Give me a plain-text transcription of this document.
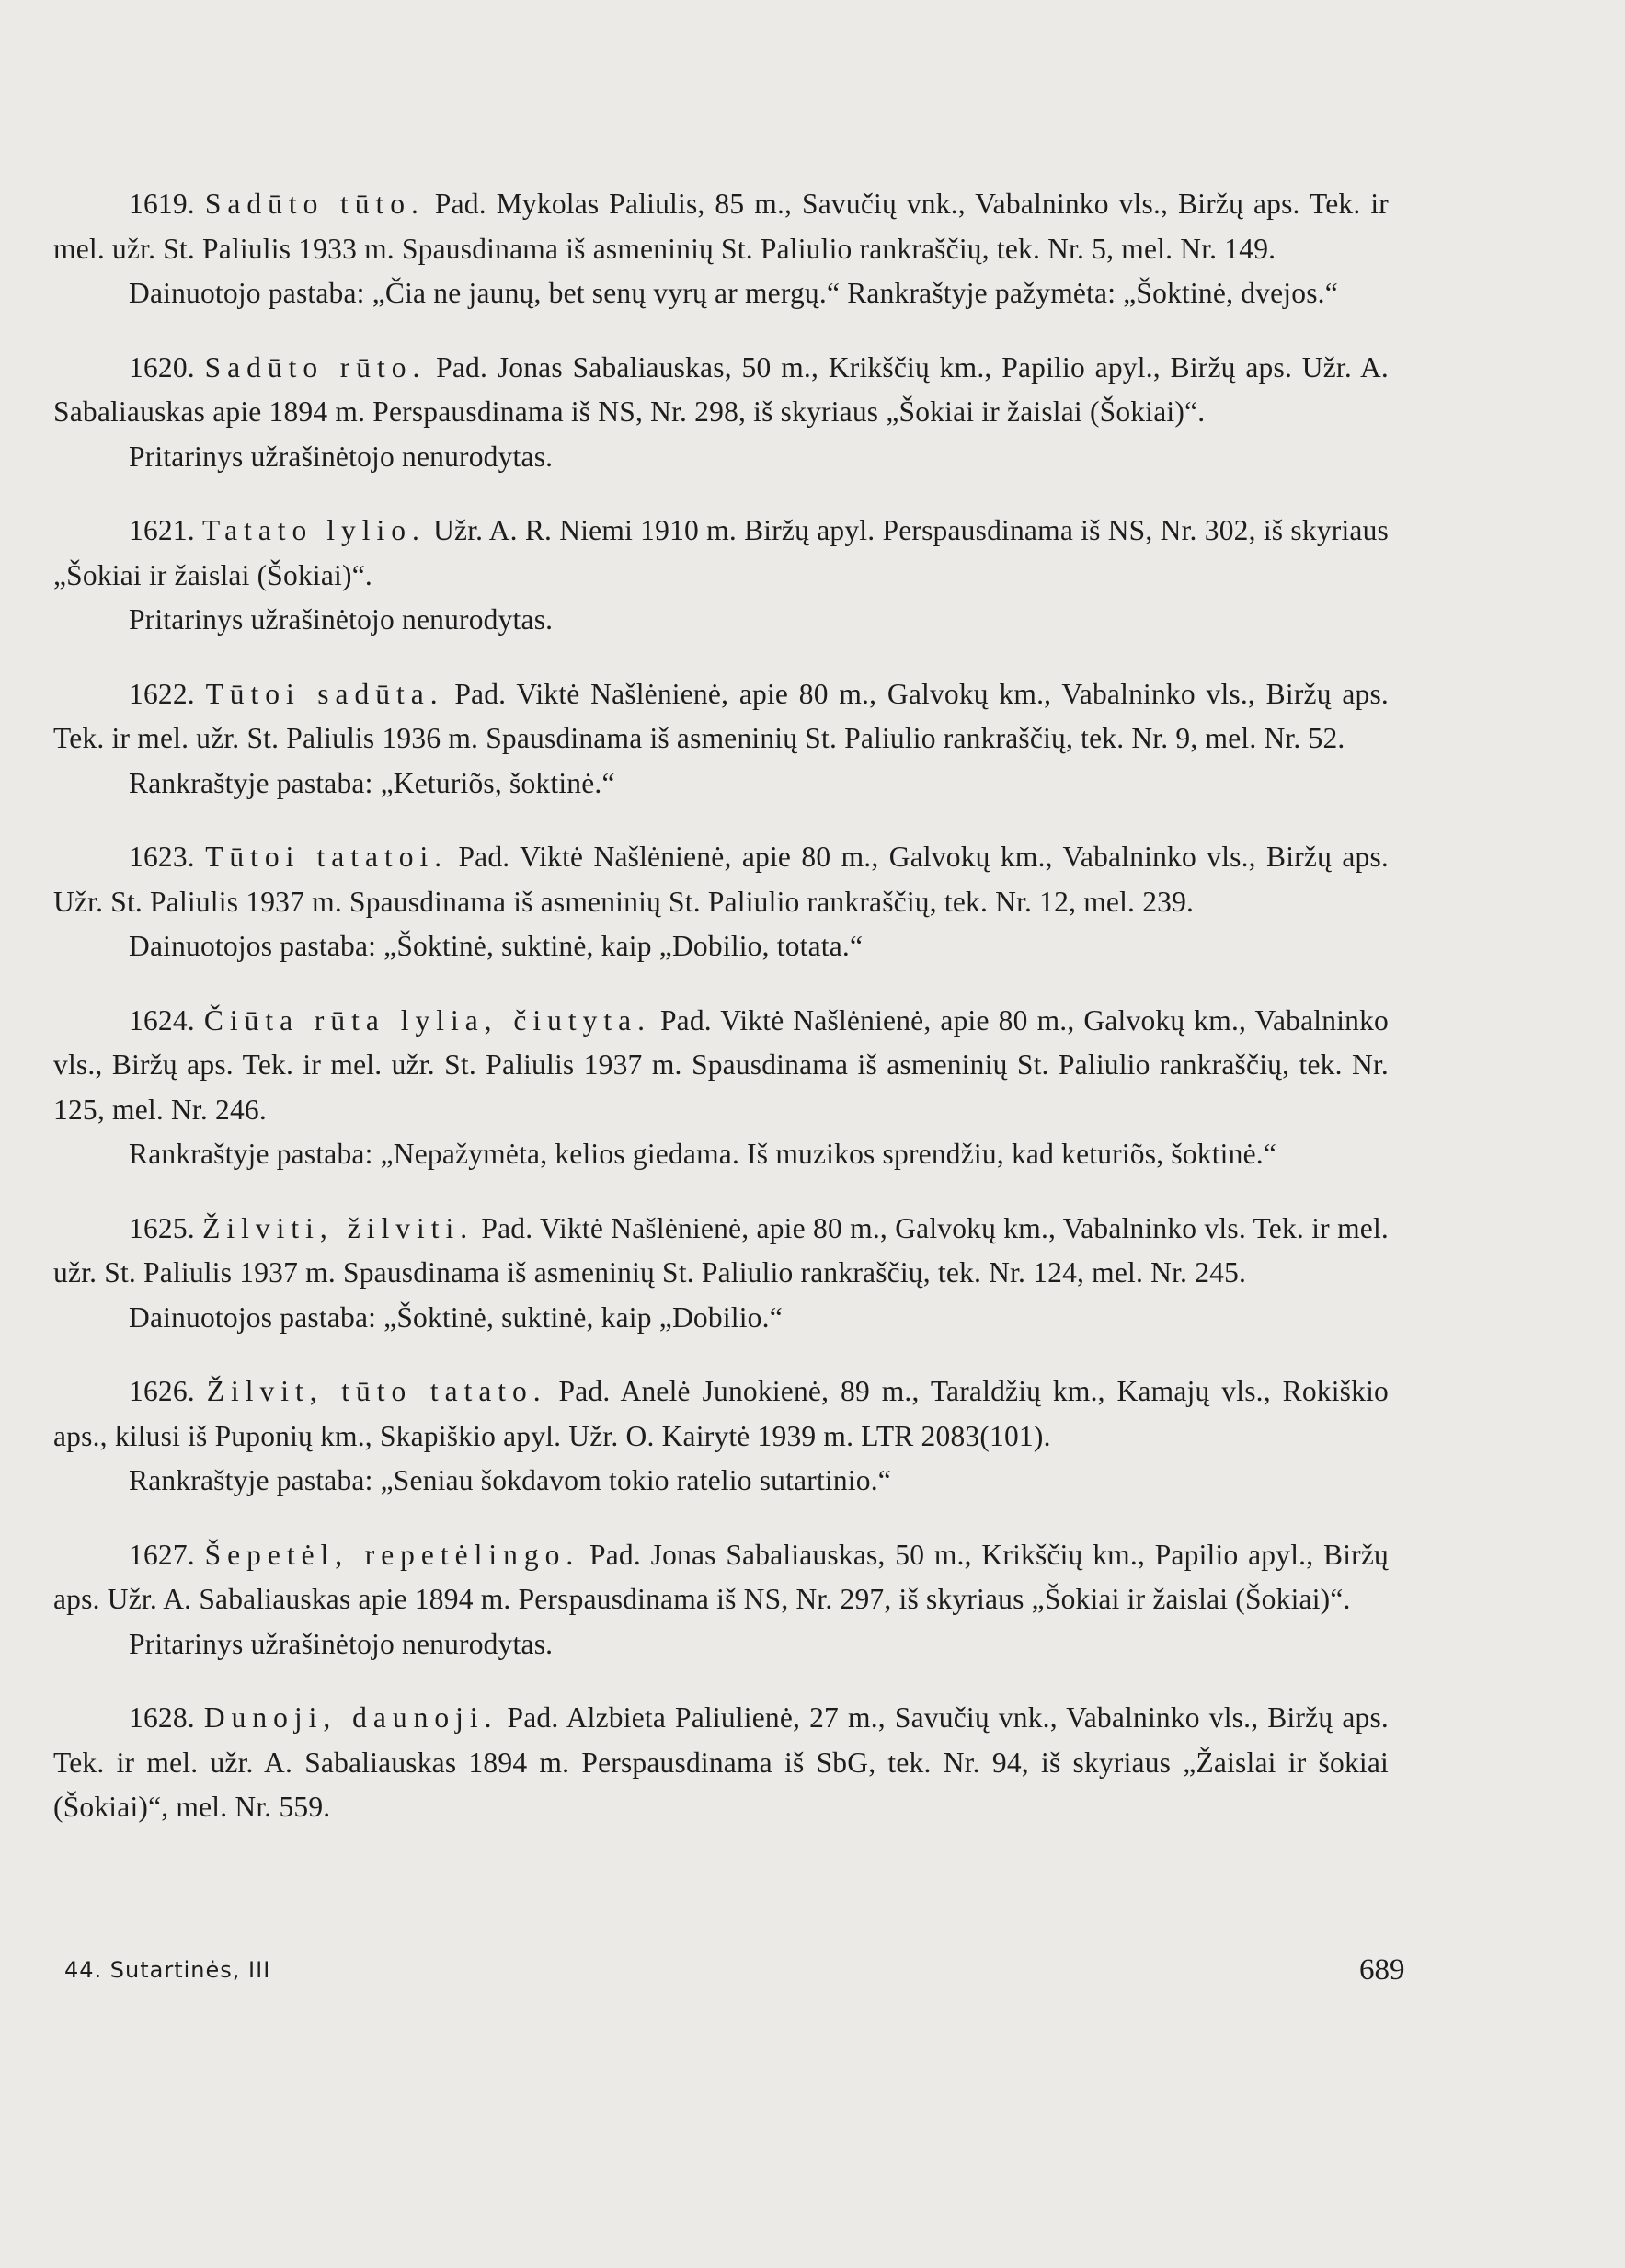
1619. Sadūto tūto. Pad. Mykolas Paliulis, 85 m., Savučių vnk., Vabalninko vls., Biržų aps. Tek. ir mel. užr. St. Paliulis 1933 m. Spausdinama iš asmeninių St. Paliulio rankraščių, tek. Nr. 5, mel. Nr. 149.

Dainuotojo pastaba: „Čia ne jaunų, bet senų vyrų ar mergų.“ Rankraštyje pažymėta: „Šoktinė, dvejos.“

1620. Sadūto rūto. Pad. Jonas Sabaliauskas, 50 m., Krikščių km., Papilio apyl., Biržų aps. Užr. A. Sabaliauskas apie 1894 m. Perspausdinama iš NS, Nr. 298, iš skyriaus „Šokiai ir žaislai (Šokiai)“.

Pritarinys užrašinėtojo nenurodytas.

1621. Tatato lylio. Užr. A. R. Niemi 1910 m. Biržų apyl. Perspausdinama iš NS, Nr. 302, iš skyriaus „Šokiai ir žaislai (Šokiai)“.

Pritarinys užrašinėtojo nenurodytas.

1622. Tūtoi sadūta. Pad. Viktė Našlėnienė, apie 80 m., Galvokų km., Vabalninko vls., Biržų aps. Tek. ir mel. užr. St. Paliulis 1936 m. Spausdinama iš asmeninių St. Paliulio rankraščių, tek. Nr. 9, mel. Nr. 52.

Rankraštyje pastaba: „Keturiõs, šoktinė.“

1623. Tūtoi tatatoi. Pad. Viktė Našlėnienė, apie 80 m., Galvokų km., Vabalninko vls., Biržų aps. Užr. St. Paliulis 1937 m. Spausdinama iš asmeninių St. Paliulio rankraščių, tek. Nr. 12, mel. 239.

Dainuotojos pastaba: „Šoktinė, suktinė, kaip „Dobilio, totata.“

1624. Čiūta rūta lylia, čiutyta. Pad. Viktė Našlėnienė, apie 80 m., Galvokų km., Vabalninko vls., Biržų aps. Tek. ir mel. užr. St. Paliulis 1937 m. Spausdinama iš asmeninių St. Paliulio rankraščių, tek. Nr. 125, mel. Nr. 246.

Rankraštyje pastaba: „Nepažymėta, kelios giedama. Iš muzikos sprendžiu, kad keturiõs, šoktinė.“

1625. Žilviti, žilviti. Pad. Viktė Našlėnienė, apie 80 m., Galvokų km., Vabalninko vls. Tek. ir mel. užr. St. Paliulis 1937 m. Spausdinama iš asmeninių St. Paliulio rankraščių, tek. Nr. 124, mel. Nr. 245.

Dainuotojos pastaba: „Šoktinė, suktinė, kaip „Dobilio.“

1626. Žilvit, tūto tatato. Pad. Anelė Junokienė, 89 m., Taraldžių km., Kamajų vls., Rokiškio aps., kilusi iš Puponių km., Skapiškio apyl. Užr. O. Kairytė 1939 m. LTR 2083(101).

Rankraštyje pastaba: „Seniau šokdavom tokio ratelio sutartinio.“

1627. Šepetėl, repetėlingo. Pad. Jonas Sabaliauskas, 50 m., Krikščių km., Papilio apyl., Biržų aps. Užr. A. Sabaliauskas apie 1894 m. Perspausdinama iš NS, Nr. 297, iš skyriaus „Šokiai ir žaislai (Šokiai)“.

Pritarinys užrašinėtojo nenurodytas.

1628. Dunoji, daunoji. Pad. Alzbieta Paliulienė, 27 m., Savučių vnk., Vabalninko vls., Biržų aps. Tek. ir mel. užr. A. Sabaliauskas 1894 m. Perspausdinama iš SbG, tek. Nr. 94, iš skyriaus „Žaislai ir šokiai (Šokiai)“, mel. Nr. 559.

44. Sutartinės, III	689
